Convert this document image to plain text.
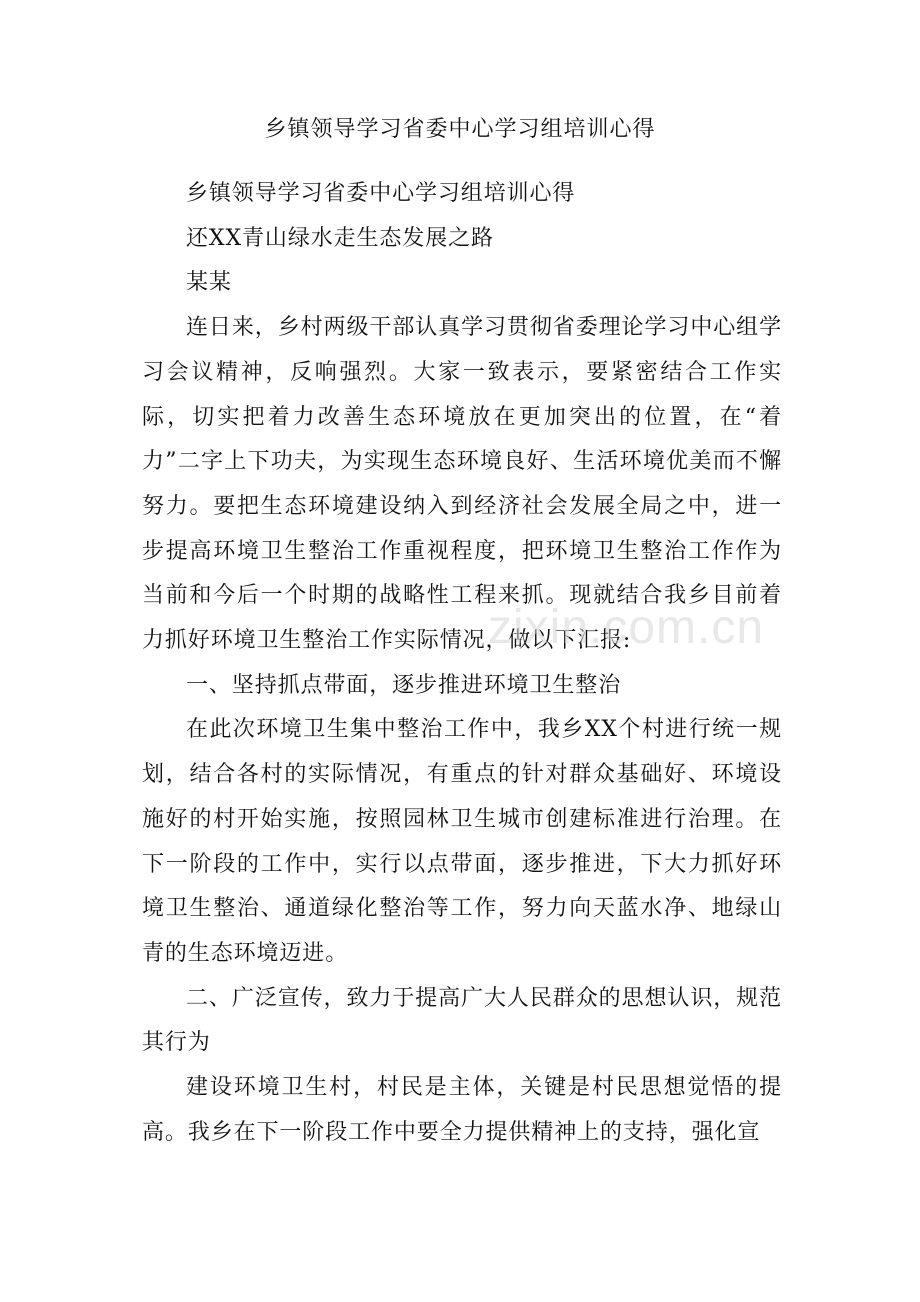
乡镇领导学习省委中心学习组培训心得

乡镇领导学习省委中心学习组培训心得

还XX青山绿水走生态发展之路

某某

连日来，乡村两级干部认真学习贯彻省委理论学习中心组学习会议精神，反响强烈。大家一致表示，要紧密结合工作实际，切实把着力改善生态环境放在更加突出的位置，在“着力”二字上下功夫，为实现生态环境良好、生活环境优美而不懈努力。要把生态环境建设纳入到经济社会发展全局之中，进一步提高环境卫生整治工作重视程度，把环境卫生整治工作作为当前和今后一个时期的战略性工程来抓。现就结合我乡目前着力抓好环境卫生整治工作实际情况，做以下汇报:

一、坚持抓点带面，逐步推进环境卫生整治

在此次环境卫生集中整治工作中，我乡XX个村进行统一规划，结合各村的实际情况，有重点的针对群众基础好、环境设施好的村开始实施，按照园林卫生城市创建标准进行治理。在下一阶段的工作中，实行以点带面，逐步推进，下大力抓好环境卫生整治、通道绿化整治等工作，努力向天蓝水净、地绿山青的生态环境迈进。

二、广泛宣传，致力于提高广大人民群众的思想认识，规范其行为

建设环境卫生村，村民是主体，关键是村民思想觉悟的提高。我乡在下一阶段工作中要全力提供精神上的支持，强化宣

zixin.com.cn
